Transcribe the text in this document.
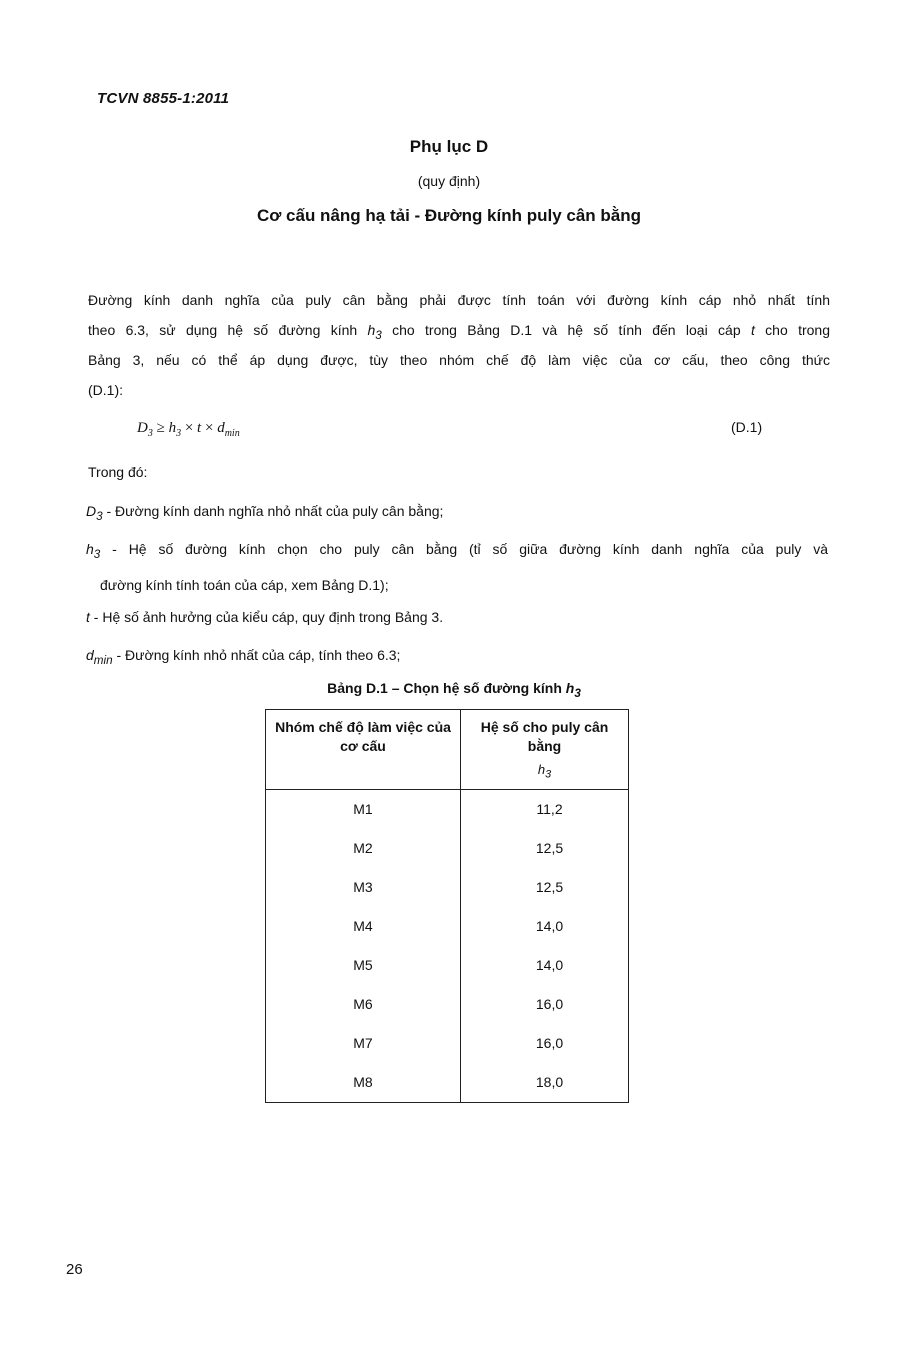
TCVN 8855-1:2011
Phụ lục D
(quy định)
Cơ cấu nâng hạ tải - Đường kính puly cân bằng
Đường kính danh nghĩa của puly cân bằng phải được tính toán với đường kính cáp nhỏ nhất tính
theo 6.3, sử dụng hệ số đường kính $h_3$ cho trong Bảng D.1 và hệ số tính đến loại cáp t cho trong
Bảng 3, nếu có thể áp dụng được, tùy theo nhóm chế độ làm việc của cơ cấu, theo công thức
(D.1):
$D_3 \ge h_3 \times t \times d_{min}$	(D.1)
Trong đó:
$D_3$ - Đường kính danh nghĩa nhỏ nhất của puly cân bằng;
$h_3$ - Hệ số đường kính chọn cho puly cân bằng (tỉ số giữa đường kính danh nghĩa của puly và
đường kính tính toán của cáp, xem Bảng D.1);
t - Hệ số ảnh hưởng của kiểu cáp, quy định trong Bảng 3.
$d_{min}$ - Đường kính nhỏ nhất của cáp, tính theo 6.3;
Bảng D.1 – Chọn hệ số đường kính $h_3$
Nhóm chế độ làm việc của cơ cấu	Hệ số cho puly cân bằng
$h_3$

M1	11,2
M2	12,5
M3	12,5
M4	14,0
M5	14,0
M6	16,0
M7	16,0
M8	18,0
26
